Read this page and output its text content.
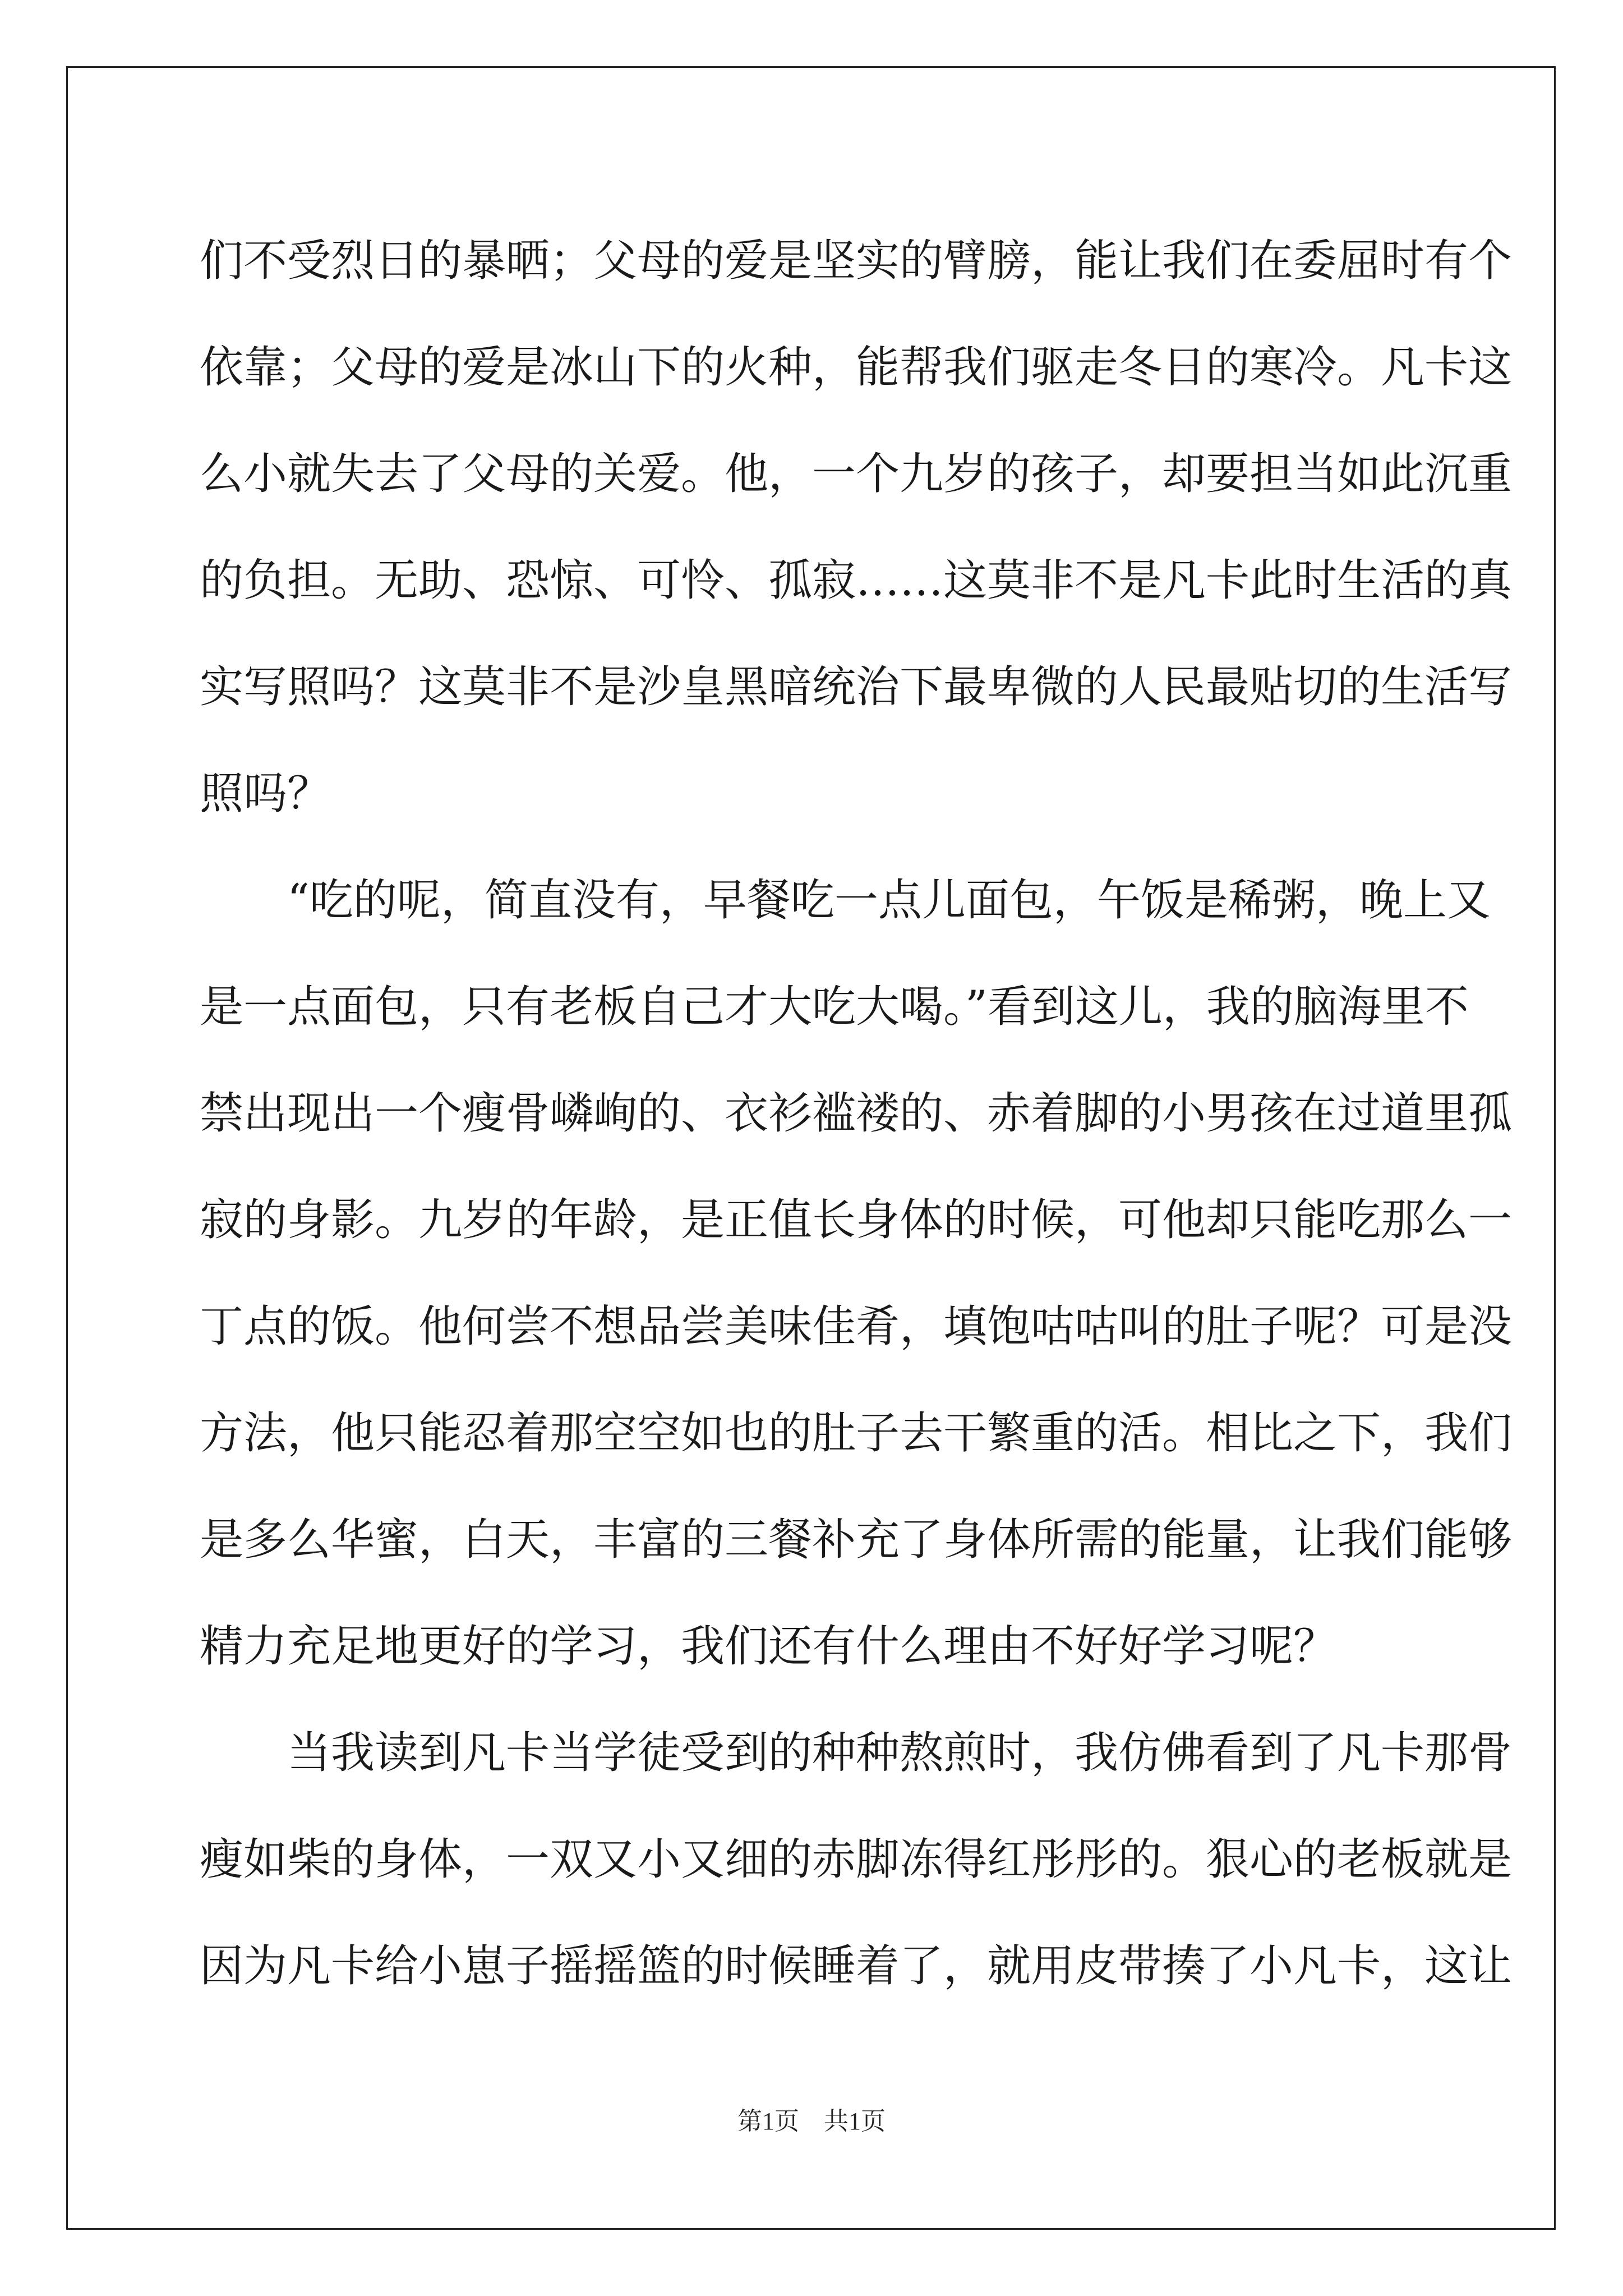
们不受烈日的暴晒；父母的爱是坚实的臂膀，能让我们在委屈时有个
依靠；父母的爱是冰山下的火种，能帮我们驱走冬日的寒冷。凡卡这
么小就失去了父母的关爱。他，一个九岁的孩子，却要担当如此沉重
的负担。无助、恐惊、可怜、孤寂……这莫非不是凡卡此时生活的真
实写照吗？这莫非不是沙皇黑暗统治下最卑微的人民最贴切的生活写
照吗？
“吃的呢，简直没有，早餐吃一点儿面包，午饭是稀粥，晚上又
是一点面包，只有老板自己才大吃大喝。”看到这儿，我的脑海里不
禁出现出一个瘦骨嶙峋的、衣衫褴褛的、赤着脚的小男孩在过道里孤
寂的身影。九岁的年龄，是正值长身体的时候，可他却只能吃那么一
丁点的饭。他何尝不想品尝美味佳肴，填饱咕咕叫的肚子呢？可是没
方法，他只能忍着那空空如也的肚子去干繁重的活。相比之下，我们
是多么华蜜，白天，丰富的三餐补充了身体所需的能量，让我们能够
精力充足地更好的学习，我们还有什么理由不好好学习呢？
当我读到凡卡当学徒受到的种种熬煎时，我仿佛看到了凡卡那骨
瘦如柴的身体，一双又小又细的赤脚冻得红彤彤的。狠心的老板就是
因为凡卡给小崽子摇摇篮的时候睡着了，就用皮带揍了小凡卡，这让
第1页　共1页
